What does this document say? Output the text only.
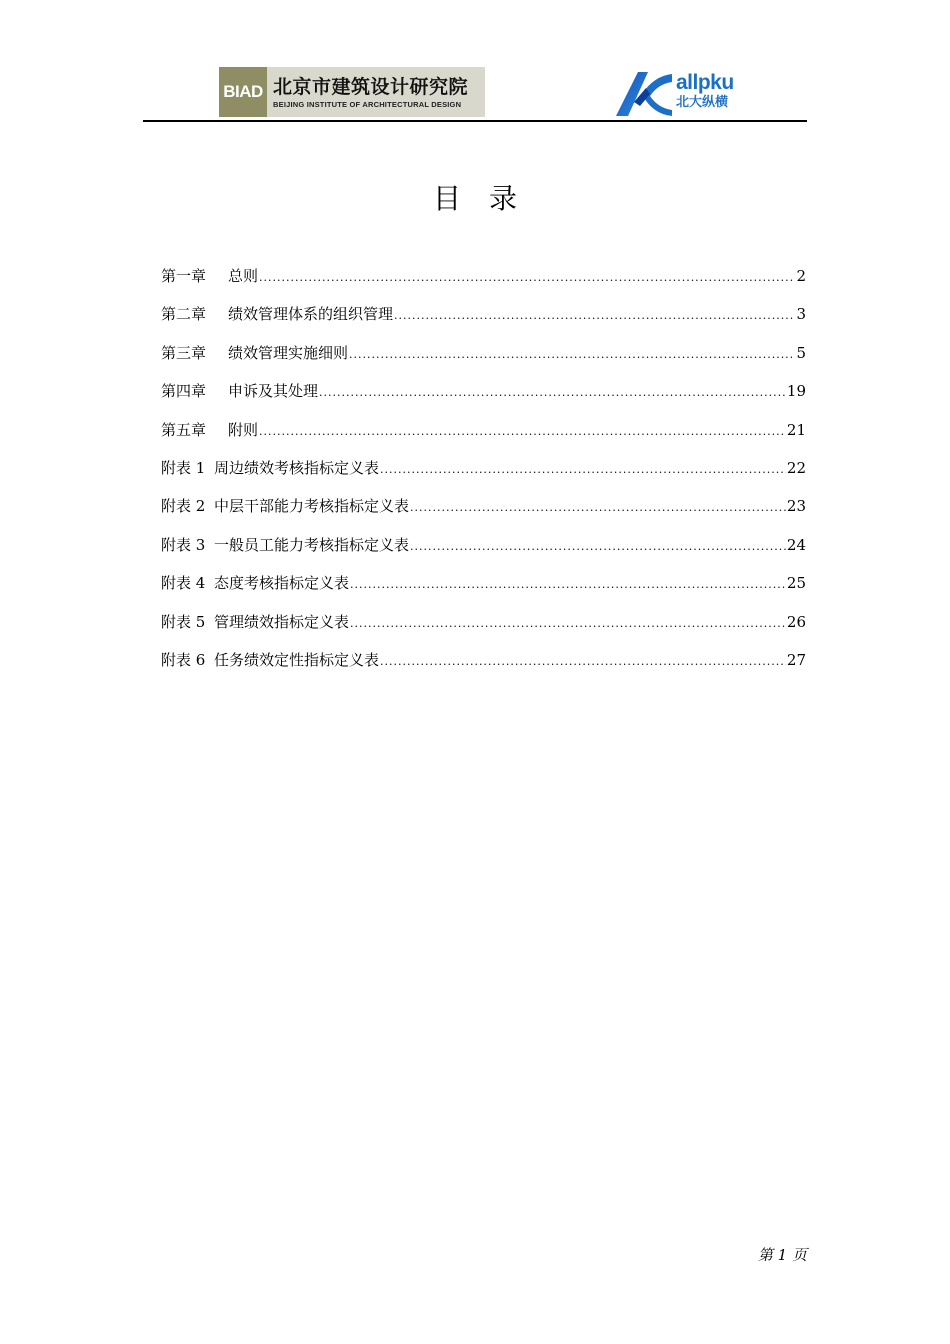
BIAD 北京市建筑设计研究院
BEIJING INSTITUTE OF ARCHITECTURAL DESIGN
allpku
北大纵横
目录
第一章	总则 .....	2
第二章	绩效管理体系的组织管理 .....	3
第三章	绩效管理实施细则 .....	5
第四章	申诉及其处理 .....	19
第五章	附则 .....	21
附表 1 周边绩效考核指标定义表 .....	22
附表 2 中层干部能力考核指标定义表 .....	23
附表 3 一般员工能力考核指标定义表 .....	24
附表 4 态度考核指标定义表 .....	25
附表 5 管理绩效指标定义表 .....	26
附表 6 任务绩效定性指标定义表 .....	27
第 1 页
